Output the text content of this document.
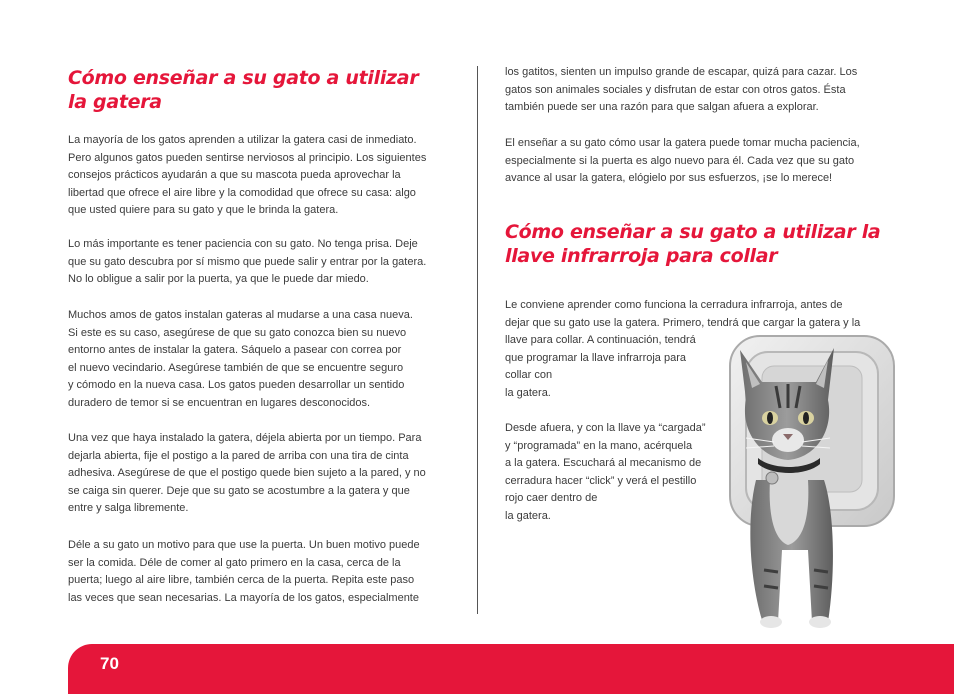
Cómo enseñar a su gato a utilizar
la gatera
La mayoría de los gatos aprenden a utilizar la gatera casi de inmediato.
Pero algunos gatos pueden sentirse nerviosos al principio. Los siguientes
consejos prácticos ayudarán a que su mascota pueda aprovechar la
libertad que ofrece el aire libre y la comodidad que ofrece su casa: algo
que usted quiere para su gato y que le brinda la gatera.
Lo más importante es tener paciencia con su gato. No tenga prisa. Deje
que su gato descubra por sí mismo que puede salir y entrar por la gatera.
No lo obligue a salir por la puerta, ya que le puede dar miedo.
Muchos amos de gatos instalan gateras al mudarse a una casa nueva.
Si este es su caso, asegúrese de que su gato conozca bien su nuevo
entorno antes de instalar la gatera. Sáquelo a pasear con correa por
el nuevo vecindario. Asegúrese también de que se encuentre seguro
y cómodo en la nueva casa. Los gatos pueden desarrollar un sentido
duradero de temor si se encuentran en lugares desconocidos.
Una vez que haya instalado la gatera, déjela abierta por un tiempo. Para
dejarla abierta, fije el postigo a la pared de arriba con una tira de cinta
adhesiva. Asegúrese de que el postigo quede bien sujeto a la pared, y no
se caiga sin querer. Deje que su gato se acostumbre a la gatera y que
entre y salga libremente.
Déle a su gato un motivo para que use la puerta. Un buen motivo puede
ser la comida. Déle de comer al gato primero en la casa, cerca de la
puerta; luego al aire libre, también cerca de la puerta. Repita este paso
las veces que sean necesarias. La mayoría de los gatos, especialmente
los gatitos, sienten un impulso grande de escapar, quizá para cazar. Los
gatos son animales sociales y disfrutan de estar con otros gatos. Ésta
también puede ser una razón para que salgan afuera a explorar.
El enseñar a su gato cómo usar la gatera puede tomar mucha paciencia,
especialmente si la puerta es algo nuevo para él. Cada vez que su gato
avance al usar la gatera, elógielo por sus esfuerzos, ¡se lo merece!
Cómo enseñar a su gato a utilizar la
llave infrarroja para collar
Le conviene aprender como funciona la cerradura infrarroja, antes de
dejar que su gato use la gatera. Primero, tendrá que cargar la gatera y la
llave para collar. A continuación, tendrá
que programar la llave infrarroja para
collar con
la gatera.
Desde afuera, y con la llave ya “cargada”
y “programada” en la mano, acérquela
a la gatera. Escuchará al mecanismo de
cerradura hacer “click” y verá el pestillo
rojo caer dentro de
la gatera.
70
